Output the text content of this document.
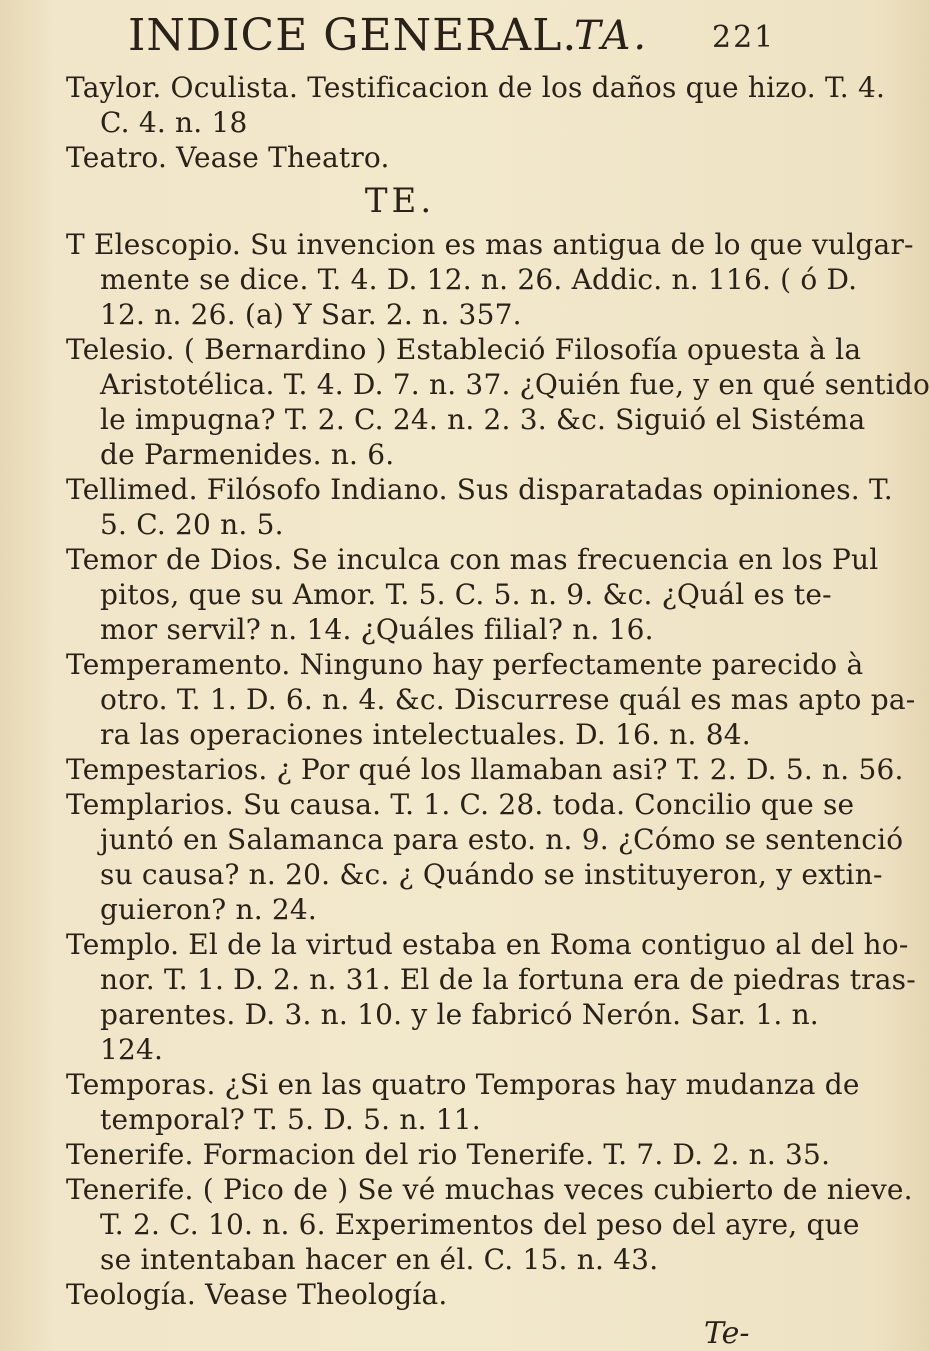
INDICE GENERAL.
TA. 221
Taylor. Oculista. Testificacion de los daños que hizo. T. 4.
C. 4. n. 18
Teatro. Vease Theatro.
TE.
T Elescopio. Su invencion es mas antigua de lo que vulgar-
mente se dice. T. 4. D. 12. n. 26. Addic. n. 116. ( ó D.
12. n. 26. (a) Y Sar. 2. n. 357.
Telesio. ( Bernardino ) Estableció Filosofía opuesta à la
Aristotélica. T. 4. D. 7. n. 37. ¿Quién fue, y en qué sentido
le impugna? T. 2. C. 24. n. 2. 3. &c. Siguió el Sistéma
de Parmenides. n. 6.
Tellimed. Filósofo Indiano. Sus disparatadas opiniones. T.
5. C. 20 n. 5.
Temor de Dios. Se inculca con mas frecuencia en los Pul
pitos, que su Amor. T. 5. C. 5. n. 9. &c. ¿Quál es te-
mor servil? n. 14. ¿Quáles filial? n. 16.
Temperamento. Ninguno hay perfectamente parecido à
otro. T. 1. D. 6. n. 4. &c. Discurrese quál es mas apto pa-
ra las operaciones intelectuales. D. 16. n. 84.
Tempestarios. ¿ Por qué los llamaban asi? T. 2. D. 5. n. 56.
Templarios. Su causa. T. 1. C. 28. toda. Concilio que se
juntó en Salamanca para esto. n. 9. ¿Cómo se sentenció
su causa? n. 20. &c. ¿ Quándo se instituyeron, y extin-
guieron? n. 24.
Templo. El de la virtud estaba en Roma contiguo al del ho-
nor. T. 1. D. 2. n. 31. El de la fortuna era de piedras tras-
parentes. D. 3. n. 10. y le fabricó Nerón. Sar. 1. n.
124.
Temporas. ¿Si en las quatro Temporas hay mudanza de
temporal? T. 5. D. 5. n. 11.
Tenerife. Formacion del rio Tenerife. T. 7. D. 2. n. 35.
Tenerife. ( Pico de ) Se vé muchas veces cubierto de nieve.
T. 2. C. 10. n. 6. Experimentos del peso del ayre, que
se intentaban hacer en él. C. 15. n. 43.
Teología. Vease Theología.
Te-
